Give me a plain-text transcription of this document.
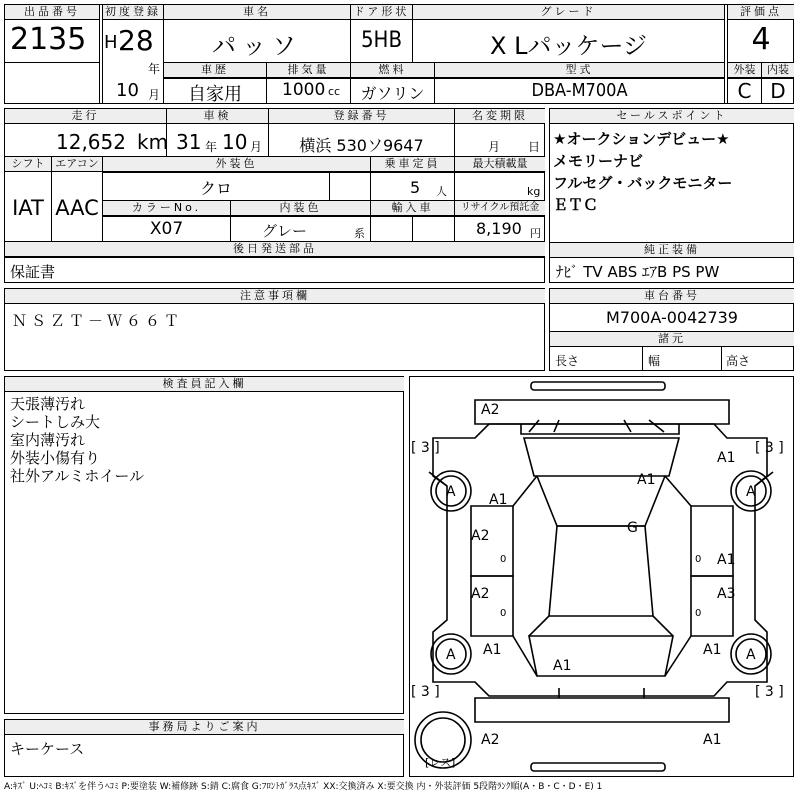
出品番号
2135
初度登録
H 28
年
10 月
車名
パッソ
ドア形状
5HB
グレード
X Lパッケージ
評価点
4
車歴
自家用
排気量
1000 cc
燃料
ガソリン
型式
DBA-M700A
外装	内装
C D
走行
12,652 km
車検
31 年 10 月
登録番号
横浜 530ソ9647
名変期限
月 日
シフト
IAT
エアコン
AAC
外装色
クロ
乗車定員
5 人
最大積載量
kg
カラーNo.
X07
内装色
グレー	系
輸入車	リサイクル預託金
8,190 円
後日発送部品
保証書
セールスポイント
★オークションデビュー★
メモリーナビ
フルセグ・バックモニター
ＥＴＣ
純正装備
ﾅﾋﾞ TV ABS ｴｱB PS PW
注意事項欄
ＮＳＺＴ－Ｗ６６Ｔ
車台番号
M700A-0042739
諸元
長さ	幅	高さ
検査員記入欄
天張薄汚れ
シートしみ大
室内薄汚れ
外装小傷有り
社外アルミホイール
事務局よりご案内
キーケース
[ 3 ]	[ 3 ]
[ 3 ]	[ 3 ]
A2
A1
A1
A1
G
A2
A1
A2	A3
A1	A1
A1
A2	A1
A	A
A	A
0
0
0
0
[レス]
A:ｷｽﾞ U:ﾍｺﾐ B:ｷｽﾞを伴うﾍｺﾐ P:要塗装 W:補修跡 S:錆 C:腐食 G:ﾌﾛﾝﾄｶﾞﾗｽ点ｷｽﾞ XX:交換済み X:要交換 内・外装評価 5段階ﾗﾝｸ順(A・B・C・D・E) 1
